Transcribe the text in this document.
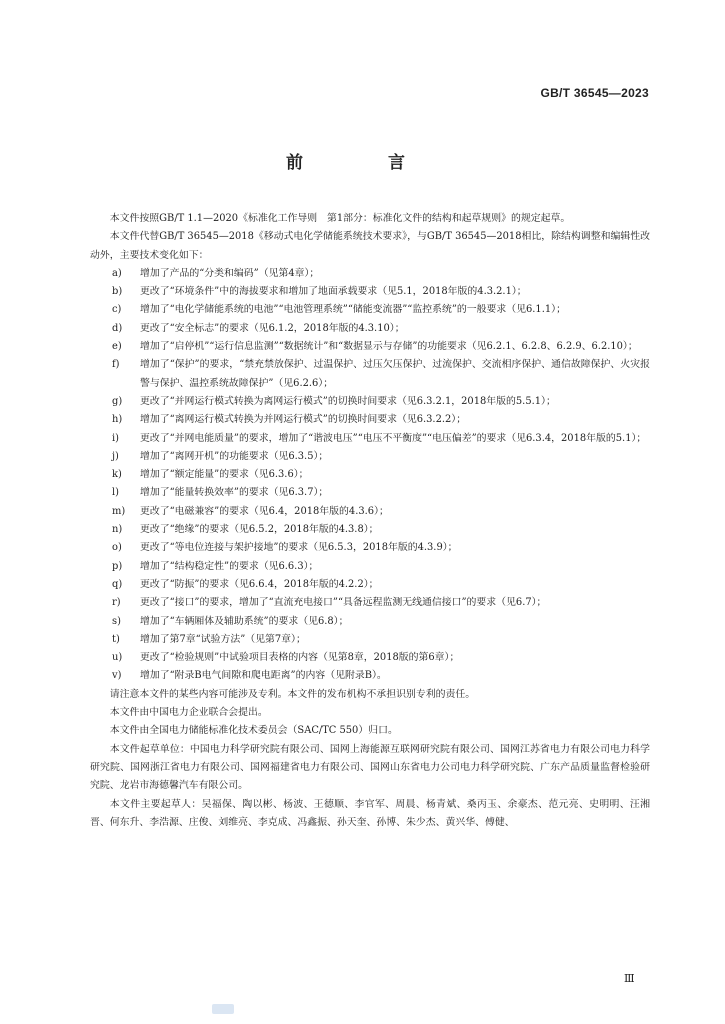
GB/T 36545—2023
前　言

本文件按照GB/T 1.1—2020《标准化工作导则　第1部分：标准化文件的结构和起草规则》的规定起草。

本文件代替GB/T 36545—2018《移动式电化学储能系统技术要求》，与GB/T 36545—2018相比，除结构调整和编辑性改动外，主要技术变化如下：

a)	增加了产品的“分类和编码”（见第4章）；
b)	更改了“环境条件”中的海拔要求和增加了地面承载要求（见5.1，2018年版的4.3.2.1）；
c)	增加了“电化学储能系统的电池”“电池管理系统”“储能变流器”“监控系统”的一般要求（见6.1.1）；
d)	更改了“安全标志”的要求（见6.1.2，2018年版的4.3.10）；
e)	增加了“启停机”“运行信息监测”“数据统计”和“数据显示与存储”的功能要求（见6.2.1、6.2.8、6.2.9、6.2.10）；
f)	增加了“保护”的要求，“禁充禁放保护、过温保护、过压欠压保护、过流保护、交流相序保护、通信故障保护、火灾报警与保护、温控系统故障保护”（见6.2.6）；
g)	更改了“并网运行模式转换为离网运行模式”的切换时间要求（见6.3.2.1，2018年版的5.5.1）；
h)	增加了“离网运行模式转换为并网运行模式”的切换时间要求（见6.3.2.2）；
i)	更改了“并网电能质量”的要求，增加了“谐波电压”“电压不平衡度”“电压偏差”的要求（见6.3.4，2018年版的5.1）；
j)	增加了“离网开机”的功能要求（见6.3.5）；
k)	增加了“额定能量”的要求（见6.3.6）；
l)	增加了“能量转换效率”的要求（见6.3.7）；
m)	更改了“电磁兼容”的要求（见6.4，2018年版的4.3.6）；
n)	更改了“绝缘”的要求（见6.5.2，2018年版的4.3.8）；
o)	更改了“等电位连接与架护接地”的要求（见6.5.3，2018年版的4.3.9）；
p)	增加了“结构稳定性”的要求（见6.6.3）；
q)	更改了“防振”的要求（见6.6.4，2018年版的4.2.2）；
r)	更改了“接口”的要求，增加了“直流充电接口”“具备远程监测无线通信接口”的要求（见6.7）；
s)	增加了“车辆厢体及辅助系统”的要求（见6.8）；
t)	增加了第7章“试验方法”（见第7章）；
u)	更改了“检验规则”中试验项目表格的内容（见第8章，2018版的第6章）；
v)	增加了“附录B电气间隙和爬电距离”的内容（见附录B）。

请注意本文件的某些内容可能涉及专利。本文件的发布机构不承担识别专利的责任。

本文件由中国电力企业联合会提出。

本文件由全国电力储能标准化技术委员会（SAC/TC 550）归口。

本文件起草单位：中国电力科学研究院有限公司、国网上海能源互联网研究院有限公司、国网江苏省电力有限公司电力科学研究院、国网浙江省电力有限公司、国网福建省电力有限公司、国网山东省电力公司电力科学研究院、广东产品质量监督检验研究院、龙岩市海德馨汽车有限公司。

本文件主要起草人：吴福保、陶以彬、杨波、王德顺、李官军、周晨、杨青斌、桑丙玉、余豪杰、范元亮、史明明、汪湘晋、何东升、李浩源、庄俊、刘维亮、李克成、冯鑫振、孙天奎、孙博、朱少杰、黄兴华、傅健、

Ⅲ
